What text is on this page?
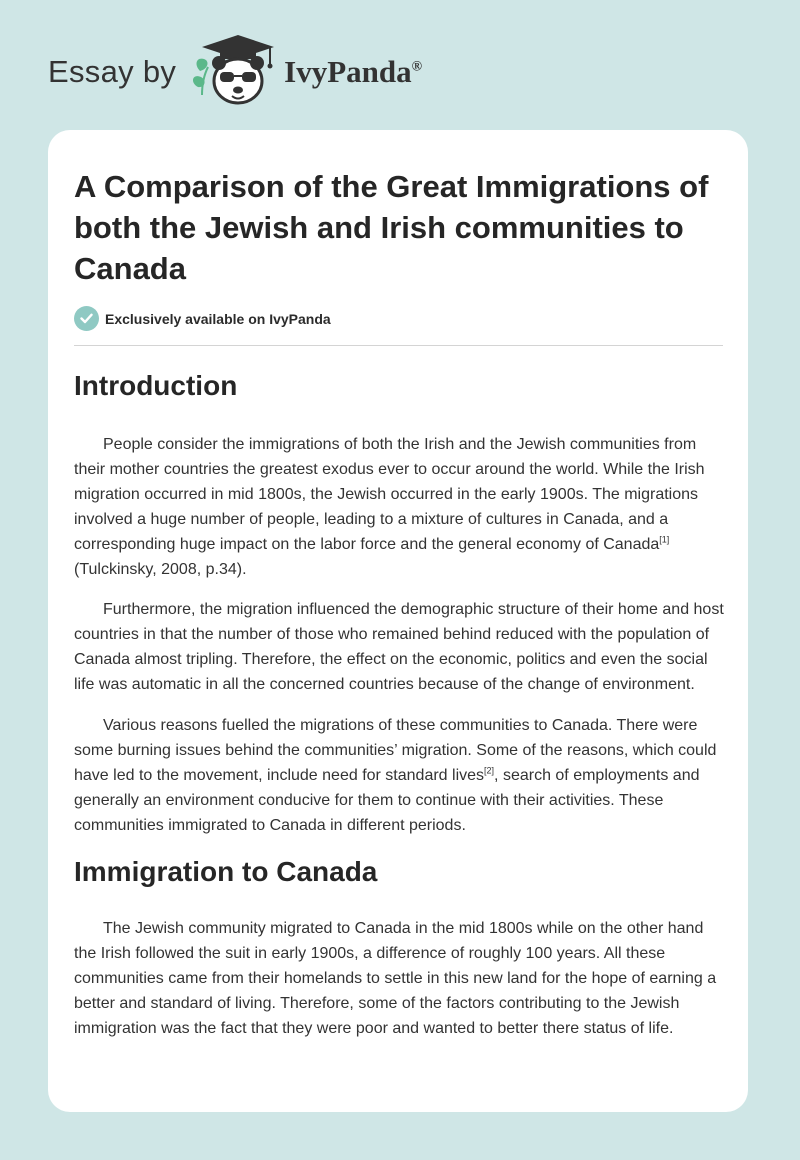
Essay by	IvyPanda®
A Comparison of the Great Immigrations of both the Jewish and Irish communities to Canada
Exclusively available on IvyPanda
Introduction

People consider the immigrations of both the Irish and the Jewish communities from their mother countries the greatest exodus ever to occur around the world. While the Irish migration occurred in mid 1800s, the Jewish occurred in the early 1900s. The migrations involved a huge number of people, leading to a mixture of cultures in Canada, and a corresponding huge impact on the labor force and the general economy of Canada[1] (Tulckinsky, 2008, p.34).

Furthermore, the migration influenced the demographic structure of their home and host countries in that the number of those who remained behind reduced with the population of Canada almost tripling. Therefore, the effect on the economic, politics and even the social life was automatic in all the concerned countries because of the change of environment.

Various reasons fuelled the migrations of these communities to Canada. There were some burning issues behind the communities’ migration. Some of the reasons, which could have led to the movement, include need for standard lives[2], search of employments and generally an environment conducive for them to continue with their activities. These communities immigrated to Canada in different periods.

Immigration to Canada

The Jewish community migrated to Canada in the mid 1800s while on the other hand the Irish followed the suit in early 1900s, a difference of roughly 100 years. All these communities came from their homelands to settle in this new land for the hope of earning a better and standard of living. Therefore, some of the factors contributing to the Jewish immigration was the fact that they were poor and wanted to better there status of life.
